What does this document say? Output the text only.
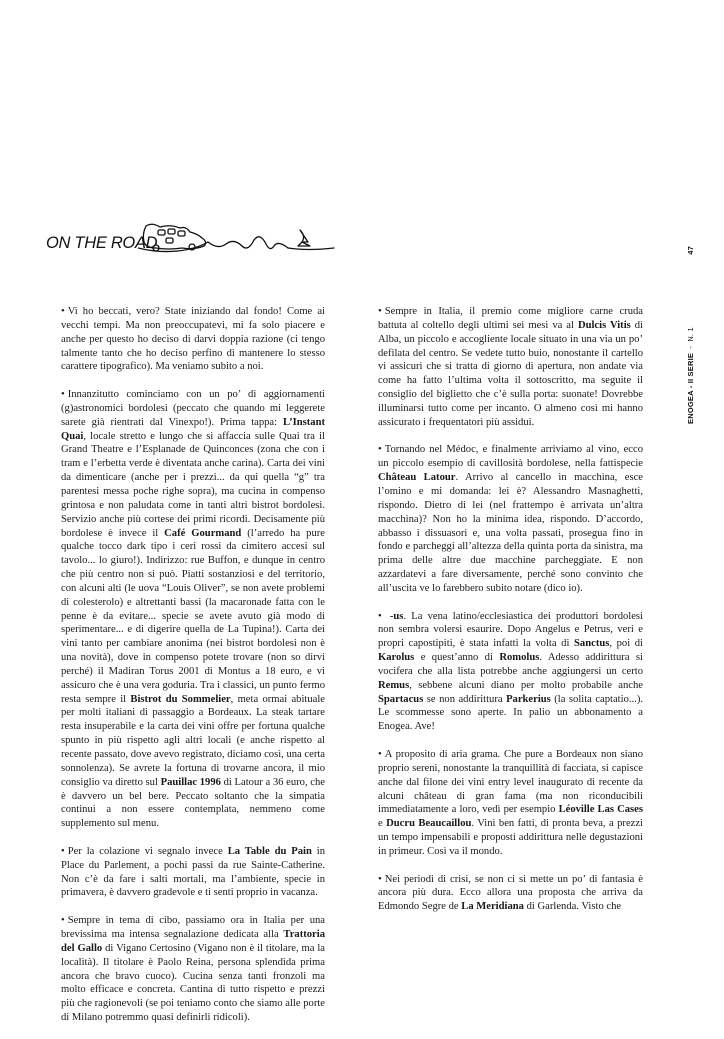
ON THE ROAD
ENOGEA - II SERIE - N. 1 47

• Vi ho beccati, vero? State iniziando dal fondo! Come ai vecchi tempi. Ma non preoccupatevi, mi fa solo piacere e anche per questo ho deciso di darvi doppia razione (ci tengo talmente tanto che ho deciso perfino di mantenere lo stesso carattere tipografico). Ma veniamo subito a noi.

• Innanzitutto cominciamo con un po’ di aggiornamenti (g)astronomici bordolesi (peccato che quando mi leggerete sarete già rientrati dal Vinexpo!). Prima tappa: L’Instant Quai, locale stretto e lungo che si affaccia sulle Quai tra il Grand Theatre e l’Esplanade de Quinconces (zona che con i tram e l’erbetta verde è diventata anche carina). Carta dei vini da dimenticare (anche per i prezzi... da qui quella “g” tra parentesi messa poche righe sopra), ma cucina in compenso grintosa e non paludata come in tanti altri bistrot bordolesi. Servizio anche più cortese dei primi ricordi. Decisamente più bordolese è invece il Café Gourmand (l’arredo ha pure qualche tocco dark tipo i ceri rossi da cimitero accesi sul tavolo... lo giuro!). Indirizzo: rue Buffon, e dunque in centro che più centro non si può. Piatti sostanziosi e del territorio, con alcuni alti (le uova “Louis Oliver”, se non avete problemi di colesterolo) e altrettanti bassi (la macaronade fatta con le penne è da evitare... specie se avete avuto già modo di sperimentare... e di digerire quella de La Tupina!). Carta dei vini tanto per cambiare anonima (nei bistrot bordolesi non è una novità), dove in compenso potete trovare (non so dirvi perché) il Madiran Torus 2001 di Montus a 18 euro, e vi assicuro che è una vera goduria. Tra i classici, un punto fermo resta sempre il Bistrot du Sommelier, meta ormai abituale per molti italiani di passaggio a Bordeaux. La steak tartare resta insuperabile e la carta dei vini offre per fortuna qualche spunto in più rispetto agli altri locali (e anche rispetto al recente passato, dove avevo registrato, diciamo così, una certa sonnolenza). Se avrete la fortuna di trovarne ancora, il mio consiglio va diretto sul Pauillac 1996 di Latour a 36 euro, che è davvero un bel bere. Peccato soltanto che la simpatia continui a non essere contemplata, nemmeno come supplemento sul menu.

• Per la colazione vi segnalo invece La Table du Pain in Place du Parlement, a pochi passi da rue Sainte-Catherine. Non c’è da fare i salti mortali, ma l’ambiente, specie in primavera, è davvero gradevole e ti senti proprio in vacanza.

• Sempre in tema di cibo, passiamo ora in Italia per una brevissima ma intensa segnalazione dedicata alla Trattoria del Gallo di Vigano Certosino (Vigano non è il titolare, ma la località). Il titolare è Paolo Reina, persona splendida prima ancora che bravo cuoco). Cucina senza tanti fronzoli ma molto efficace e concreta. Cantina di tutto rispetto e prezzi più che ragionevoli (se poi teniamo conto che siamo alle porte di Milano potremmo quasi definirli ridicoli).

• Sempre in Italia, il premio come migliore carne cruda battuta al coltello degli ultimi sei mesi va al Dulcis Vitis di Alba, un piccolo e accogliente locale situato in una via un po’ defilata del centro. Se vedete tutto buio, nonostante il cartello vi assicuri che si tratta di giorno di apertura, non andate via come ha fatto l’ultima volta il sottoscritto, ma seguite il consiglio del biglietto che c’è sulla porta: suonate! Dovrebbe illuminarsi tutto come per incanto. O almeno così mi hanno assicurato i frequentatori più assidui.

• Tornando nel Médoc, e finalmente arriviamo al vino, ecco un piccolo esempio di cavillosità bordolese, nella fattispecie Château Latour. Arrivo al cancello in macchina, esce l’omino e mi domanda: lei è? Alessandro Masnaghetti, rispondo. Dietro di lei (nel frattempo è arrivata un’altra macchina)? Non ho la minima idea, rispondo. D’accordo, abbasso i dissuasori e, una volta passati, prosegua fino in fondo e parcheggi all’altezza della quinta porta da sinistra, ma prima delle altre due macchine parcheggiate. E non azzardatevi a fare diversamente, perché sono convinto che all’uscita ve lo farebbero subito notare (dico io).

• -us. La vena latino/ecclesiastica dei produttori bordolesi non sembra volersi esaurire. Dopo Angelus e Petrus, veri e propri capostipiti, è stata infatti la volta di Sanctus, poi di Karolus e quest’anno di Romolus. Adesso addirittura si vocifera che alla lista potrebbe anche aggiungersi un certo Remus, sebbene alcuni diano per molto probabile anche Spartacus se non addirittura Parkerius (la solita captatio...). Le scommesse sono aperte. In palio un abbonamento a Enogea. Ave!

• A proposito di aria grama. Che pure a Bordeaux non siano proprio sereni, nonostante la tranquillità di facciata, si capisce anche dal filone dei vini entry level inaugurato di recente da alcuni château di gran fama (ma non riconducibili immediatamente a loro, vedi per esempio Léoville Las Cases e Ducru Beaucaillou. Vini ben fatti, di pronta beva, a prezzi un tempo impensabili e proposti addirittura nelle degustazioni in primeur. Così va il mondo.

• Nei periodi di crisi, se non ci si mette un po’ di fantasia è ancora più dura. Ecco allora una proposta che arriva da Edmondo Segre de La Meridiana di Garlenda. Visto che
